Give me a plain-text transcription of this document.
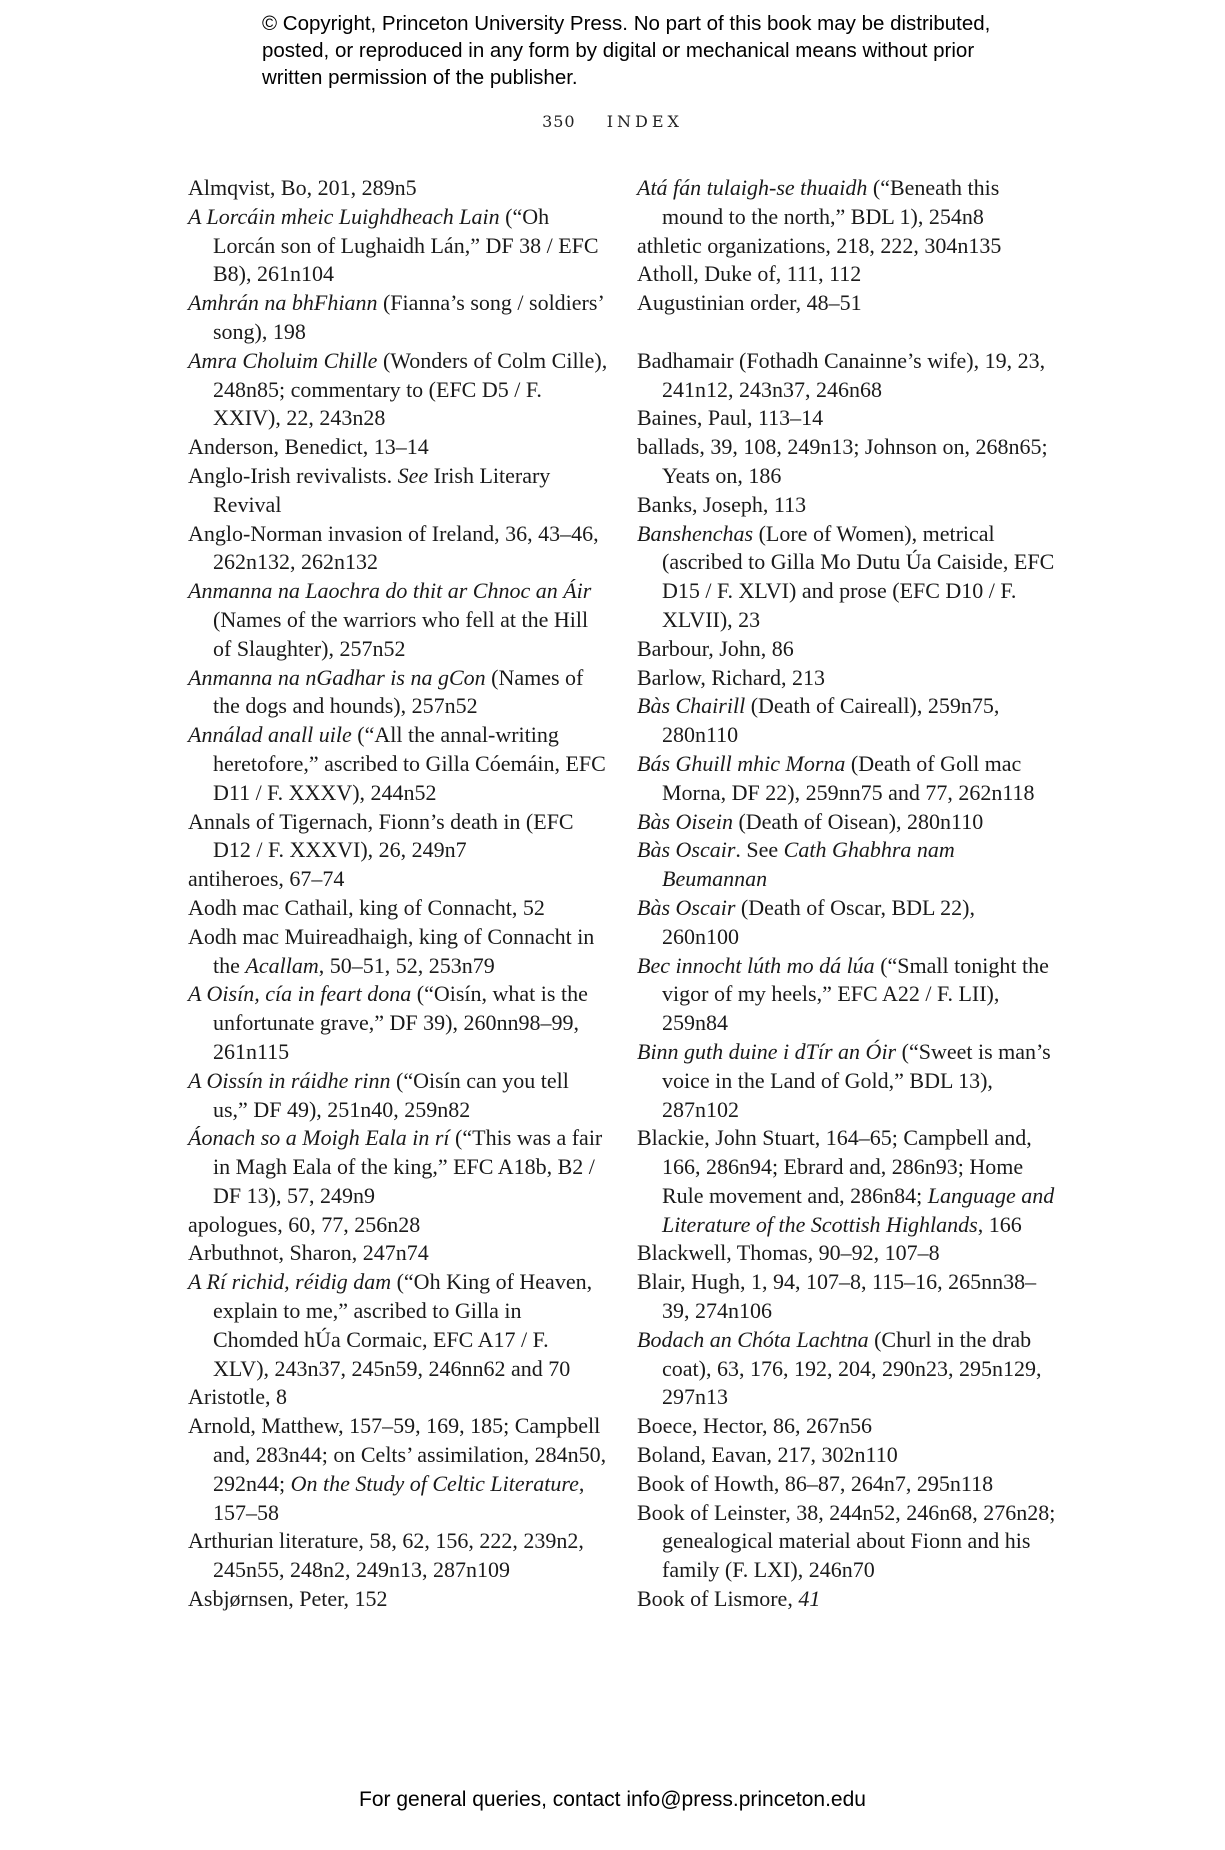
© Copyright, Princeton University Press. No part of this book may be distributed, posted, or reproduced in any form by digital or mechanical means without prior written permission of the publisher.
350 INDEX

Almqvist, Bo, 201, 289n5

A Lorcáin mheic Luighdheach Lain (“Oh Lorcán son of Lughaidh Lán,” DF 38 / EFC B8), 261n104

Amhrán na bhFhiann (Fianna’s song / soldiers’ song), 198

Amra Choluim Chille (Wonders of Colm Cille), 248n85; commentary to (EFC D5 / F. XXIV), 22, 243n28

Anderson, Benedict, 13–14

Anglo-Irish revivalists. See Irish Literary Revival

Anglo-Norman invasion of Ireland, 36, 43–46, 262n132, 262n132

Anmanna na Laochra do thit ar Chnoc an Áir (Names of the warriors who fell at the Hill of Slaughter), 257n52

Anmanna na nGadhar is na gCon (Names of the dogs and hounds), 257n52

Annálad anall uile (“All the annal-writing heretofore,” ascribed to Gilla Cóemáin, EFC D11 / F. XXXV), 244n52

Annals of Tigernach, Fionn’s death in (EFC D12 / F. XXXVI), 26, 249n7

antiheroes, 67–74

Aodh mac Cathail, king of Connacht, 52

Aodh mac Muireadhaigh, king of Connacht in the Acallam, 50–51, 52, 253n79

A Oisín, cía in feart dona (“Oisín, what is the unfortunate grave,” DF 39), 260nn98–99, 261n115

A Oissín in ráidhe rinn (“Oisín can you tell us,” DF 49), 251n40, 259n82

Áonach so a Moigh Eala in rí (“This was a fair in Magh Eala of the king,” EFC A18b, B2 / DF 13), 57, 249n9

apologues, 60, 77, 256n28

Arbuthnot, Sharon, 247n74

A Rí richid, réidig dam (“Oh King of Heaven, explain to me,” ascribed to Gilla in Chomded hÚa Cormaic, EFC A17 / F. XLV), 243n37, 245n59, 246nn62 and 70

Aristotle, 8

Arnold, Matthew, 157–59, 169, 185; Campbell and, 283n44; on Celts’ assimilation, 284n50, 292n44; On the Study of Celtic Literature, 157–58

Arthurian literature, 58, 62, 156, 222, 239n2, 245n55, 248n2, 249n13, 287n109

Asbjørnsen, Peter, 152

Atá fán tulaigh-se thuaidh (“Beneath this mound to the north,” BDL 1), 254n8

athletic organizations, 218, 222, 304n135

Atholl, Duke of, 111, 112

Augustinian order, 48–51

Badhamair (Fothadh Canainne’s wife), 19, 23, 241n12, 243n37, 246n68

Baines, Paul, 113–14

ballads, 39, 108, 249n13; Johnson on, 268n65; Yeats on, 186

Banks, Joseph, 113

Banshenchas (Lore of Women), metrical (ascribed to Gilla Mo Dutu Úa Caiside, EFC D15 / F. XLVI) and prose (EFC D10 / F. XLVII), 23

Barbour, John, 86

Barlow, Richard, 213

Bàs Chairill (Death of Caireall), 259n75, 280n110

Bás Ghuill mhic Morna (Death of Goll mac Morna, DF 22), 259nn75 and 77, 262n118

Bàs Oisein (Death of Oisean), 280n110

Bàs Oscair. See Cath Ghabhra nam Beumannan

Bàs Oscair (Death of Oscar, BDL 22), 260n100

Bec innocht lúth mo dá lúa (“Small tonight the vigor of my heels,” EFC A22 / F. LII), 259n84

Binn guth duine i dTír an Óir (“Sweet is man’s voice in the Land of Gold,” BDL 13), 287n102

Blackie, John Stuart, 164–65; Campbell and, 166, 286n94; Ebrard and, 286n93; Home Rule movement and, 286n84; Language and Literature of the Scottish Highlands, 166

Blackwell, Thomas, 90–92, 107–8

Blair, Hugh, 1, 94, 107–8, 115–16, 265nn38–39, 274n106

Bodach an Chóta Lachtna (Churl in the drab coat), 63, 176, 192, 204, 290n23, 295n129, 297n13

Boece, Hector, 86, 267n56

Boland, Eavan, 217, 302n110

Book of Howth, 86–87, 264n7, 295n118

Book of Leinster, 38, 244n52, 246n68, 276n28; genealogical material about Fionn and his family (F. LXI), 246n70

Book of Lismore, 41

For general queries, contact info@press.princeton.edu
